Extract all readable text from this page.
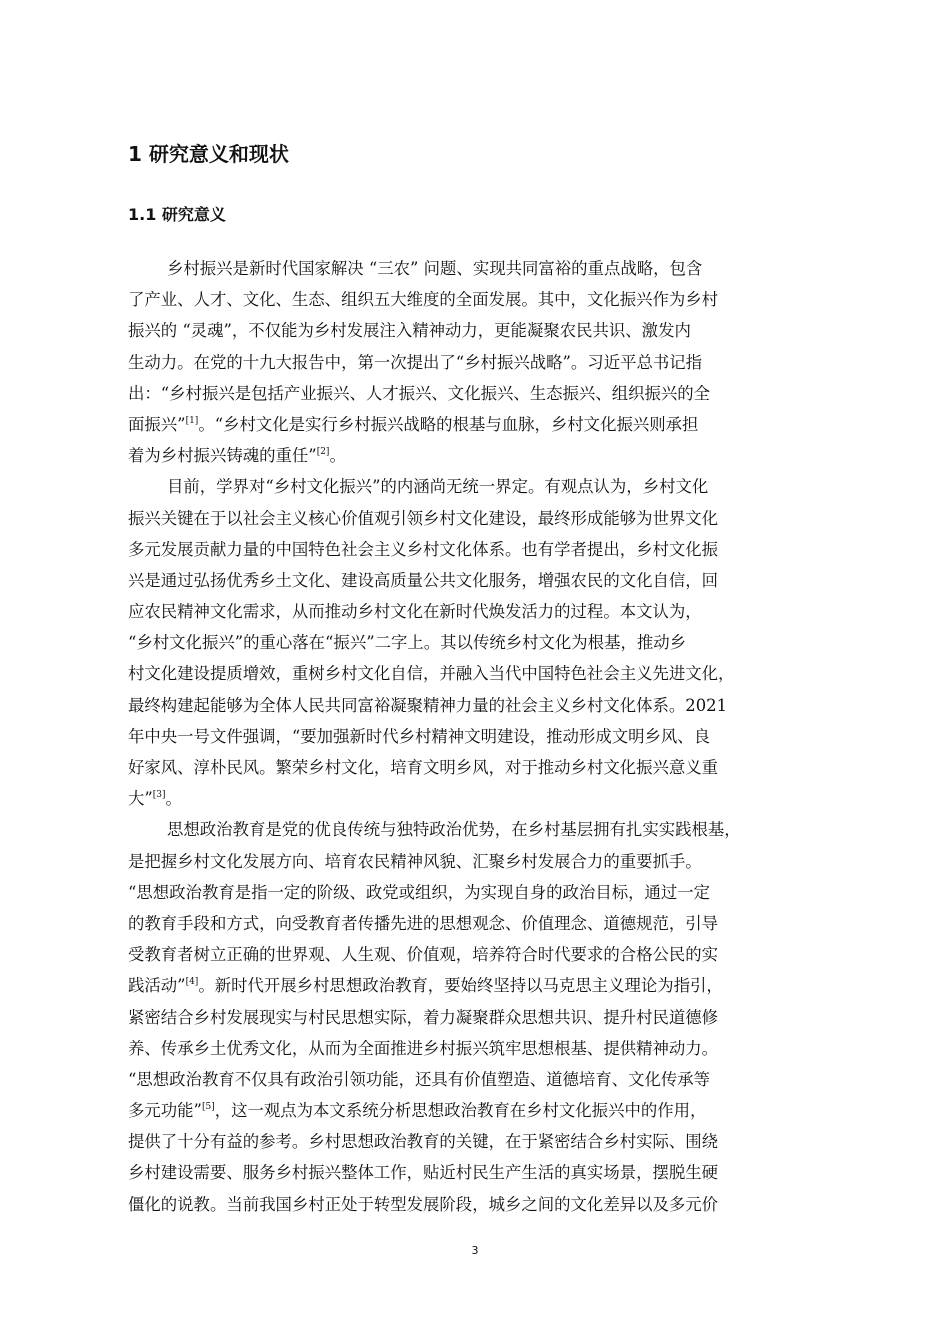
1 研究意义和现状
1.1 研究意义
乡村振兴是新时代国家解决 “三农” 问题、实现共同富裕的重点战略，包含
了产业、人才、文化、生态、组织五大维度的全面发展。其中，文化振兴作为乡村
振兴的 “灵魂”，不仅能为乡村发展注入精神动力，更能凝聚农民共识、激发内
生动力。在党的十九大报告中，第一次提出了“乡村振兴战略”。习近平总书记指
出：“乡村振兴是包括产业振兴、人才振兴、文化振兴、生态振兴、组织振兴的全
面振兴”[1]。“乡村文化是实行乡村振兴战略的根基与血脉，乡村文化振兴则承担
着为乡村振兴铸魂的重任”[2]。
目前，学界对“乡村文化振兴”的内涵尚无统一界定。有观点认为，乡村文化
振兴关键在于以社会主义核心价值观引领乡村文化建设，最终形成能够为世界文化
多元发展贡献力量的中国特色社会主义乡村文化体系。也有学者提出，乡村文化振
兴是通过弘扬优秀乡土文化、建设高质量公共文化服务，增强农民的文化自信，回
应农民精神文化需求，从而推动乡村文化在新时代焕发活力的过程。本文认为，
“乡村文化振兴”的重心落在“振兴”二字上。其以传统乡村文化为根基，推动乡
村文化建设提质增效，重树乡村文化自信，并融入当代中国特色社会主义先进文化，
最终构建起能够为全体人民共同富裕凝聚精神力量的社会主义乡村文化体系。2021
年中央一号文件强调，“要加强新时代乡村精神文明建设，推动形成文明乡风、良
好家风、淳朴民风。繁荣乡村文化，培育文明乡风，对于推动乡村文化振兴意义重
大”[3]。
思想政治教育是党的优良传统与独特政治优势，在乡村基层拥有扎实实践根基，
是把握乡村文化发展方向、培育农民精神风貌、汇聚乡村发展合力的重要抓手。
“思想政治教育是指一定的阶级、政党或组织，为实现自身的政治目标，通过一定
的教育手段和方式，向受教育者传播先进的思想观念、价值理念、道德规范，引导
受教育者树立正确的世界观、人生观、价值观，培养符合时代要求的合格公民的实
践活动”[4]。新时代开展乡村思想政治教育，要始终坚持以马克思主义理论为指引，
紧密结合乡村发展现实与村民思想实际，着力凝聚群众思想共识、提升村民道德修
养、传承乡土优秀文化，从而为全面推进乡村振兴筑牢思想根基、提供精神动力。
“思想政治教育不仅具有政治引领功能，还具有价值塑造、道德培育、文化传承等
多元功能”[5]，这一观点为本文系统分析思想政治教育在乡村文化振兴中的作用，
提供了十分有益的参考。乡村思想政治教育的关键，在于紧密结合乡村实际、围绕
乡村建设需要、服务乡村振兴整体工作，贴近村民生产生活的真实场景，摆脱生硬
僵化的说教。当前我国乡村正处于转型发展阶段，城乡之间的文化差异以及多元价
3
